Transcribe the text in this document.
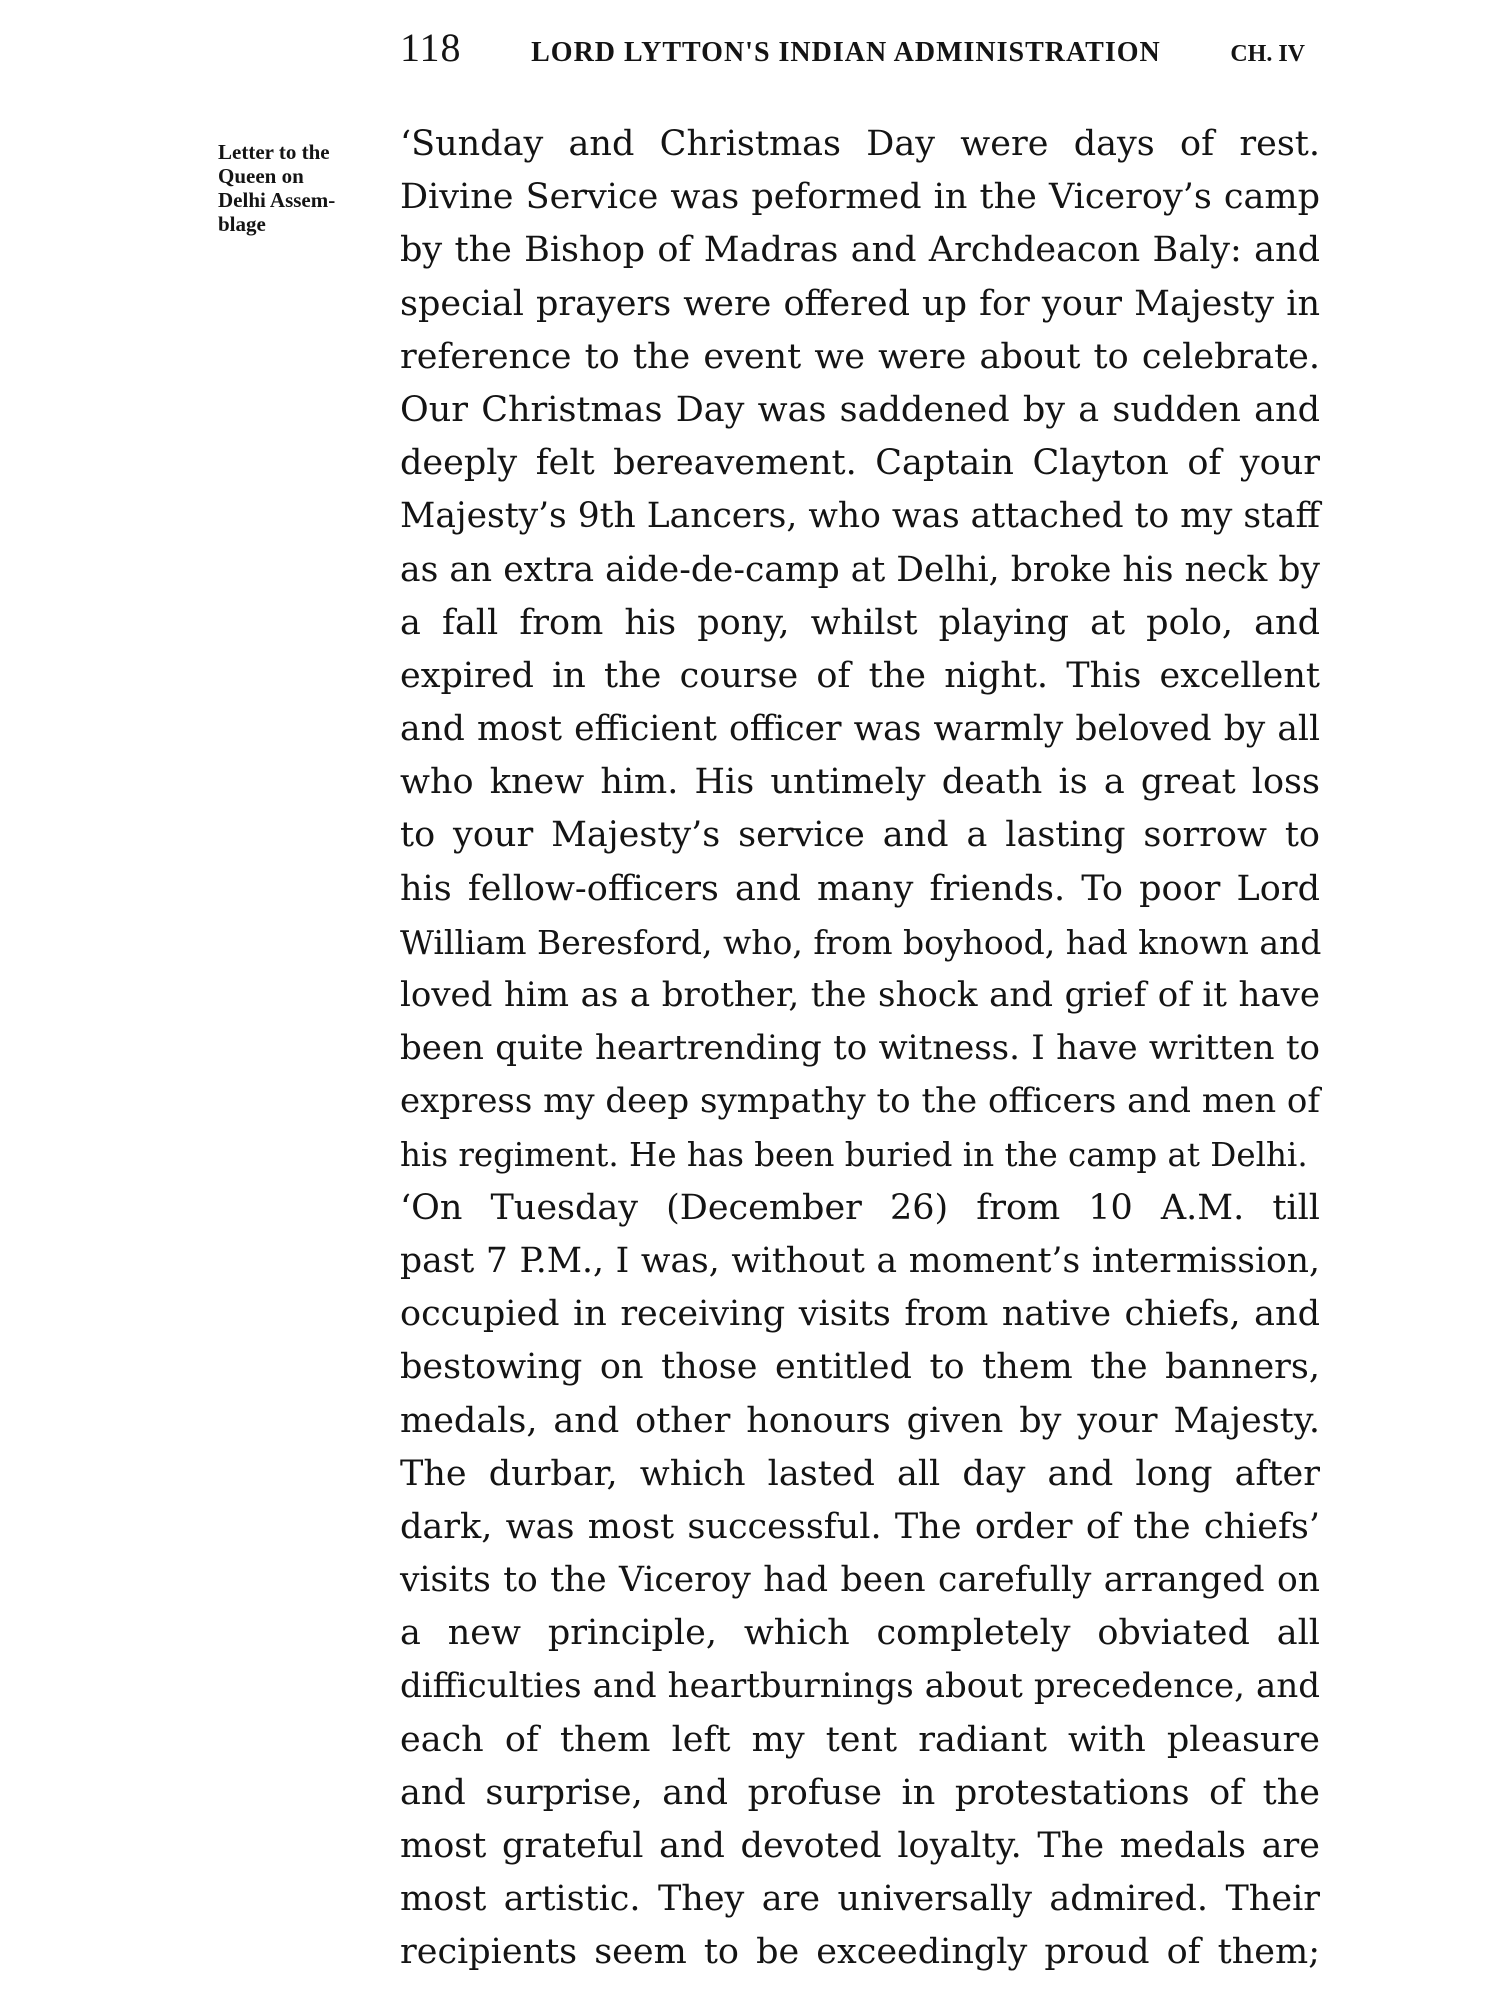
118 LORD LYTTON'S INDIAN ADMINISTRATION	CH. IV
Letter to the
Queen on
Delhi Assem-
blage
‘Sunday and Christmas Day were days of rest.
Divine Service was peformed in the Viceroy’s camp
by the Bishop of Madras and Archdeacon Baly: and
special prayers were offered up for your Majesty in
reference to the event we were about to celebrate.
Our Christmas Day was saddened by a sudden and
deeply felt bereavement. Captain Clayton of your
Majesty’s 9th Lancers, who was attached to my staff
as an extra aide-de-camp at Delhi, broke his neck by
a fall from his pony, whilst playing at polo, and
expired in the course of the night. This excellent
and most efficient officer was warmly beloved by all
who knew him. His untimely death is a great loss
to your Majesty’s service and a lasting sorrow to
his fellow-officers and many friends. To poor Lord
William Beresford, who, from boyhood, had known and
loved him as a brother, the shock and grief of it have
been quite heartrending to witness. I have written to
express my deep sympathy to the officers and men of
his regiment. He has been buried in the camp at Delhi.
‘On Tuesday (December 26) from 10 A.M. till
past 7 P.M., I was, without a moment’s intermission,
occupied in receiving visits from native chiefs, and
bestowing on those entitled to them the banners,
medals, and other honours given by your Majesty.
The durbar, which lasted all day and long after
dark, was most successful. The order of the chiefs’
visits to the Viceroy had been carefully arranged on
a new principle, which completely obviated all
difficulties and heartburnings about precedence, and
each of them left my tent radiant with pleasure
and surprise, and profuse in protestations of the
most grateful and devoted loyalty. The medals are
most artistic. They are universally admired. Their
recipients seem to be exceedingly proud of them;
